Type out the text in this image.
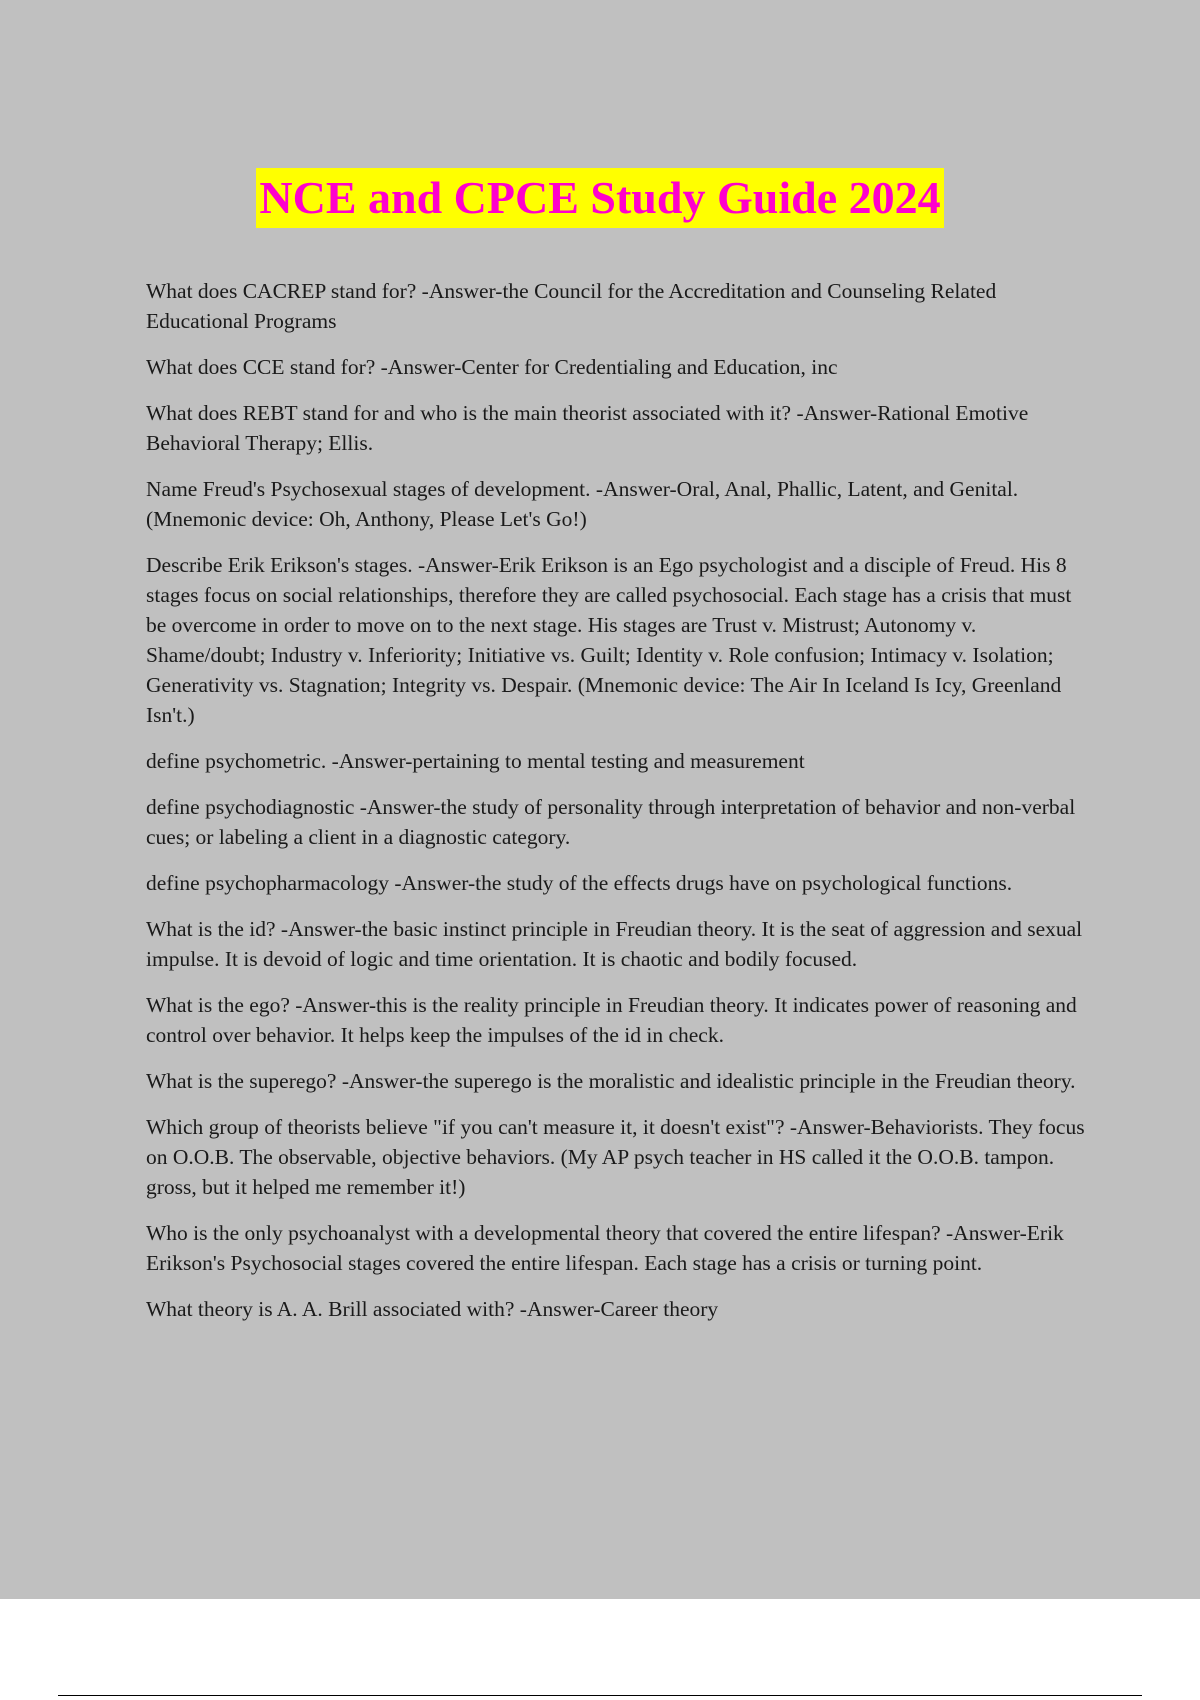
NCE and CPCE Study Guide 2024

What does CACREP stand for? -Answer-the Council for the Accreditation and Counseling Related Educational Programs

What does CCE stand for? -Answer-Center for Credentialing and Education, inc

What does REBT stand for and who is the main theorist associated with it? -Answer-Rational Emotive Behavioral Therapy; Ellis.

Name Freud's Psychosexual stages of development. -Answer-Oral, Anal, Phallic, Latent, and Genital. (Mnemonic device: Oh, Anthony, Please Let's Go!)

Describe Erik Erikson's stages. -Answer-Erik Erikson is an Ego psychologist and a disciple of Freud. His 8 stages focus on social relationships, therefore they are called psychosocial. Each stage has a crisis that must be overcome in order to move on to the next stage. His stages are Trust v. Mistrust; Autonomy v. Shame/doubt; Industry v. Inferiority; Initiative vs. Guilt; Identity v. Role confusion; Intimacy v. Isolation; Generativity vs. Stagnation; Integrity vs. Despair. (Mnemonic device: The Air In Iceland Is Icy, Greenland Isn't.)

define psychometric. -Answer-pertaining to mental testing and measurement

define psychodiagnostic -Answer-the study of personality through interpretation of behavior and non-verbal cues; or labeling a client in a diagnostic category.

define psychopharmacology -Answer-the study of the effects drugs have on psychological functions.

What is the id? -Answer-the basic instinct principle in Freudian theory. It is the seat of aggression and sexual impulse. It is devoid of logic and time orientation. It is chaotic and bodily focused.

What is the ego? -Answer-this is the reality principle in Freudian theory. It indicates power of reasoning and control over behavior. It helps keep the impulses of the id in check.

What is the superego? -Answer-the superego is the moralistic and idealistic principle in the Freudian theory.

Which group of theorists believe "if you can't measure it, it doesn't exist"? -Answer-Behaviorists. They focus on O.O.B. The observable, objective behaviors. (My AP psych teacher in HS called it the O.O.B. tampon. gross, but it helped me remember it!)

Who is the only psychoanalyst with a developmental theory that covered the entire lifespan? -Answer-Erik Erikson's Psychosocial stages covered the entire lifespan. Each stage has a crisis or turning point.

What theory is A. A. Brill associated with? -Answer-Career theory
